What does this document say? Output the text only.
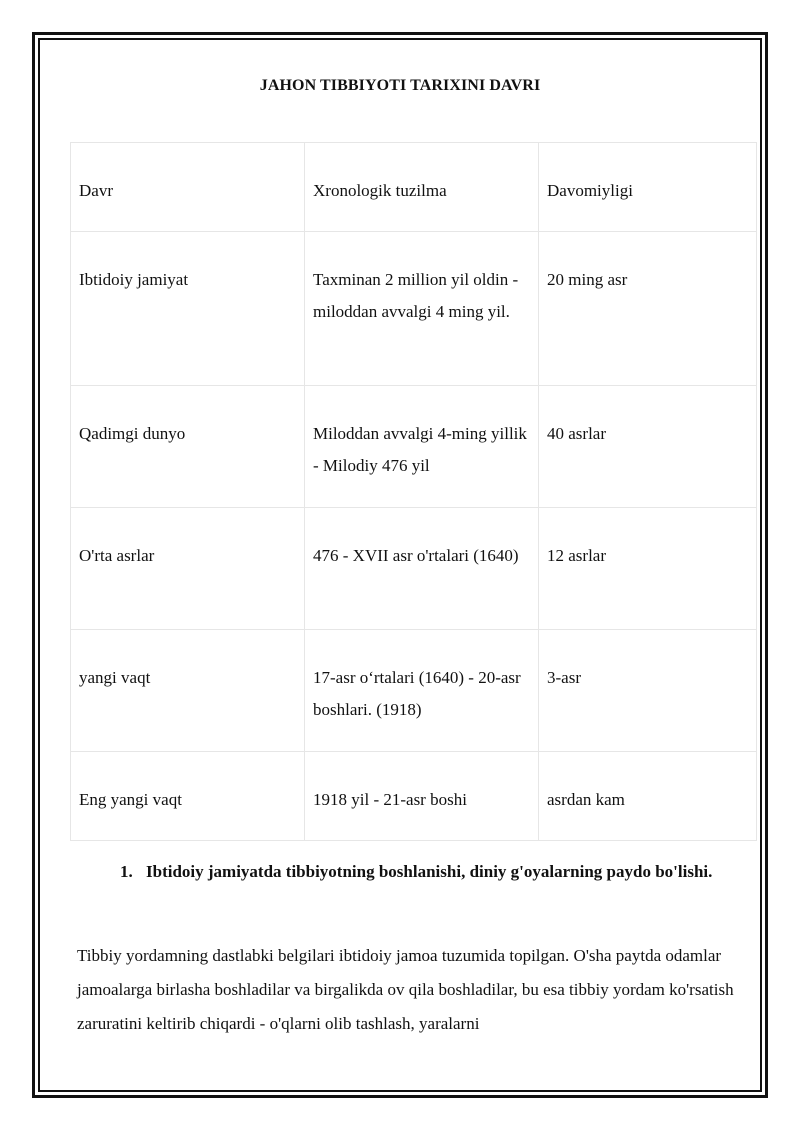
JAHON TIBBIYOTI TARIXINI DAVRI
Davr	Xronologik tuzilma	Davomiyligi
Ibtidoiy jamiyat	Taxminan 2 million yil oldin - miloddan avvalgi 4 ming yil.	20 ming asr
Qadimgi dunyo	Miloddan avvalgi 4-ming yillik - Milodiy 476 yil	40 asrlar
O'rta asrlar	476 - XVII asr o'rtalari (1640)	12 asrlar
yangi vaqt	17-asr o‘rtalari (1640) - 20-asr boshlari. (1918)	3-asr
Eng yangi vaqt	1918 yil - 21-asr boshi	asrdan kam
1. Ibtidoiy jamiyatda tibbiyotning boshlanishi, diniy g'oyalarning paydo bo'lishi.
Tibbiy yordamning dastlabki belgilari ibtidoiy jamoa tuzumida topilgan. O'sha paytda odamlar jamoalarga birlasha boshladilar va birgalikda ov qila boshladilar, bu esa tibbiy yordam ko'rsatish zaruratini keltirib chiqardi - o'qlarni olib tashlash, yaralarni
